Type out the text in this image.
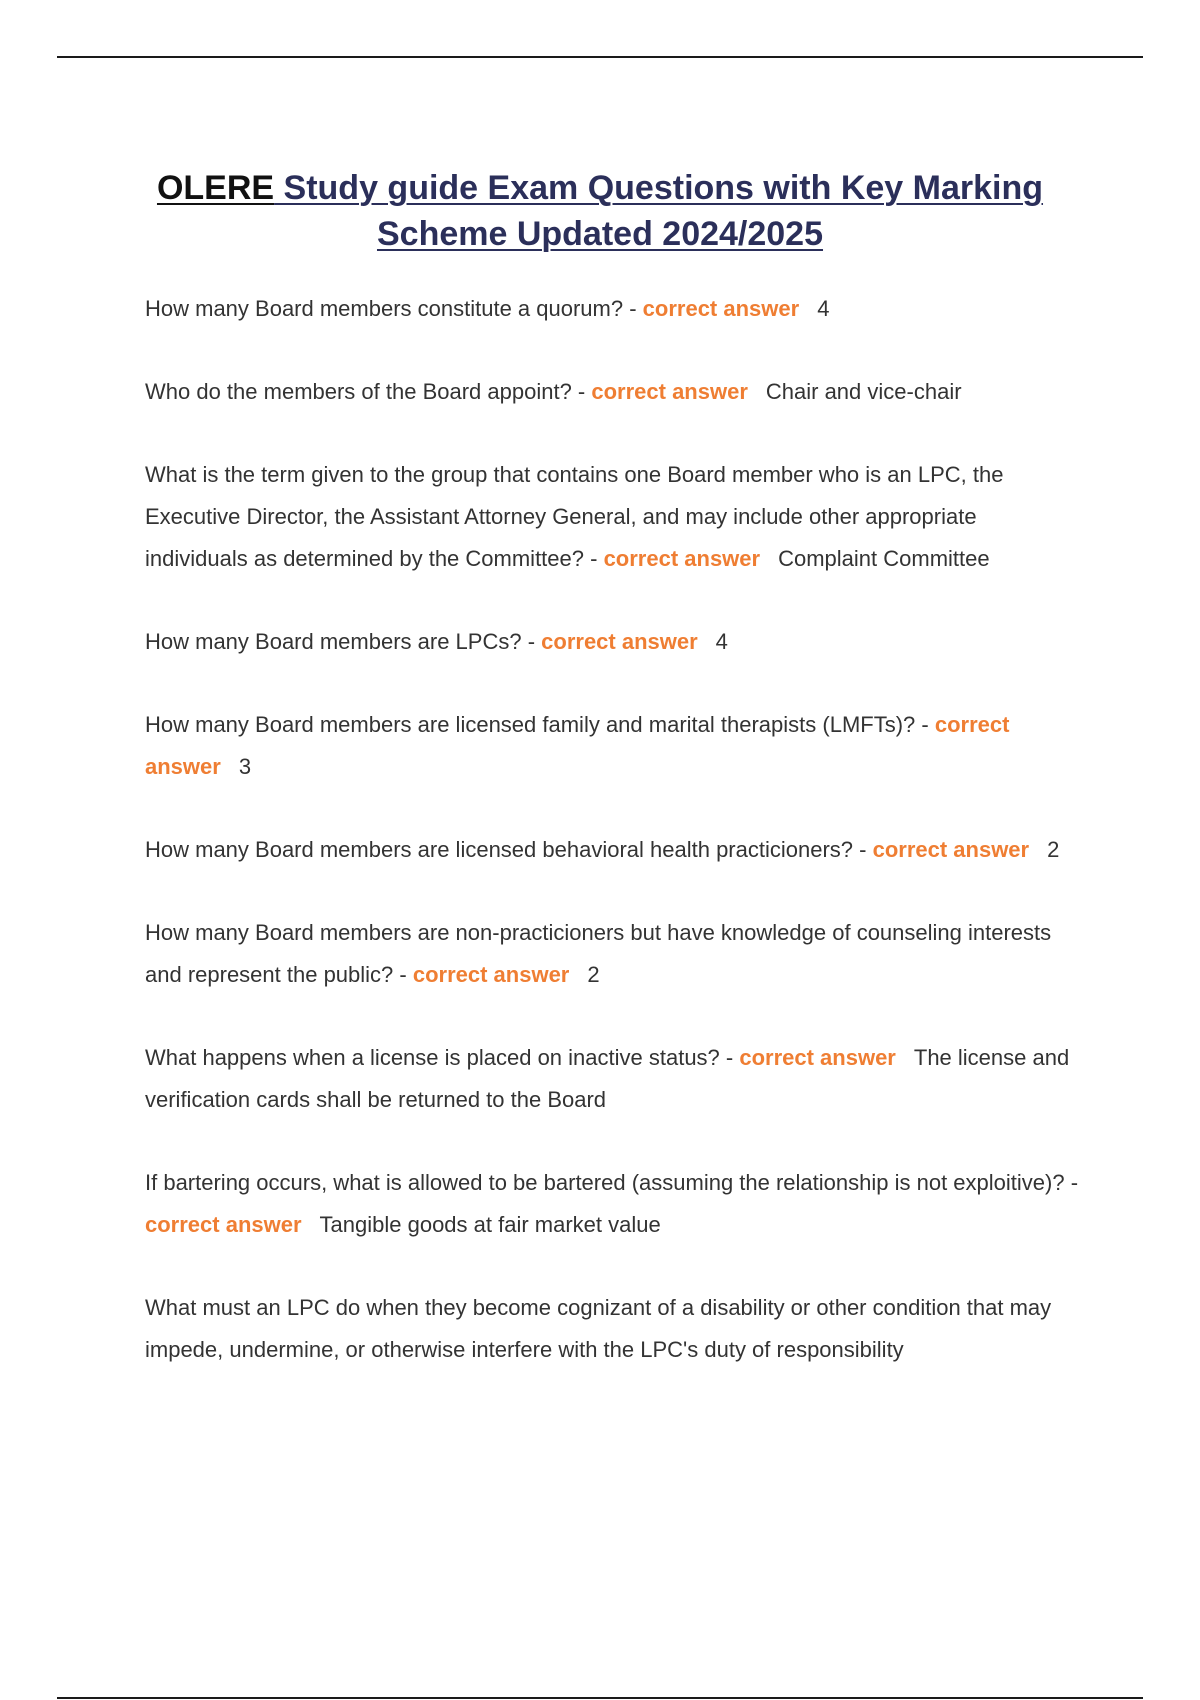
OLERE Study guide Exam Questions with Key Marking Scheme Updated 2024/2025

How many Board members constitute a quorum? - correct answer 4

Who do the members of the Board appoint? - correct answer Chair and vice-chair

What is the term given to the group that contains one Board member who is an LPC, the Executive Director, the Assistant Attorney General, and may include other appropriate individuals as determined by the Committee? - correct answer Complaint Committee

How many Board members are LPCs? - correct answer 4

How many Board members are licensed family and marital therapists (LMFTs)? - correct answer 3

How many Board members are licensed behavioral health practicioners? - correct answer 2

How many Board members are non-practicioners but have knowledge of counseling interests and represent the public? - correct answer 2

What happens when a license is placed on inactive status? - correct answer The license and verification cards shall be returned to the Board

If bartering occurs, what is allowed to be bartered (assuming the relationship is not exploitive)? - correct answer Tangible goods at fair market value

What must an LPC do when they become cognizant of a disability or other condition that may impede, undermine, or otherwise interfere with the LPC's duty of responsibility
